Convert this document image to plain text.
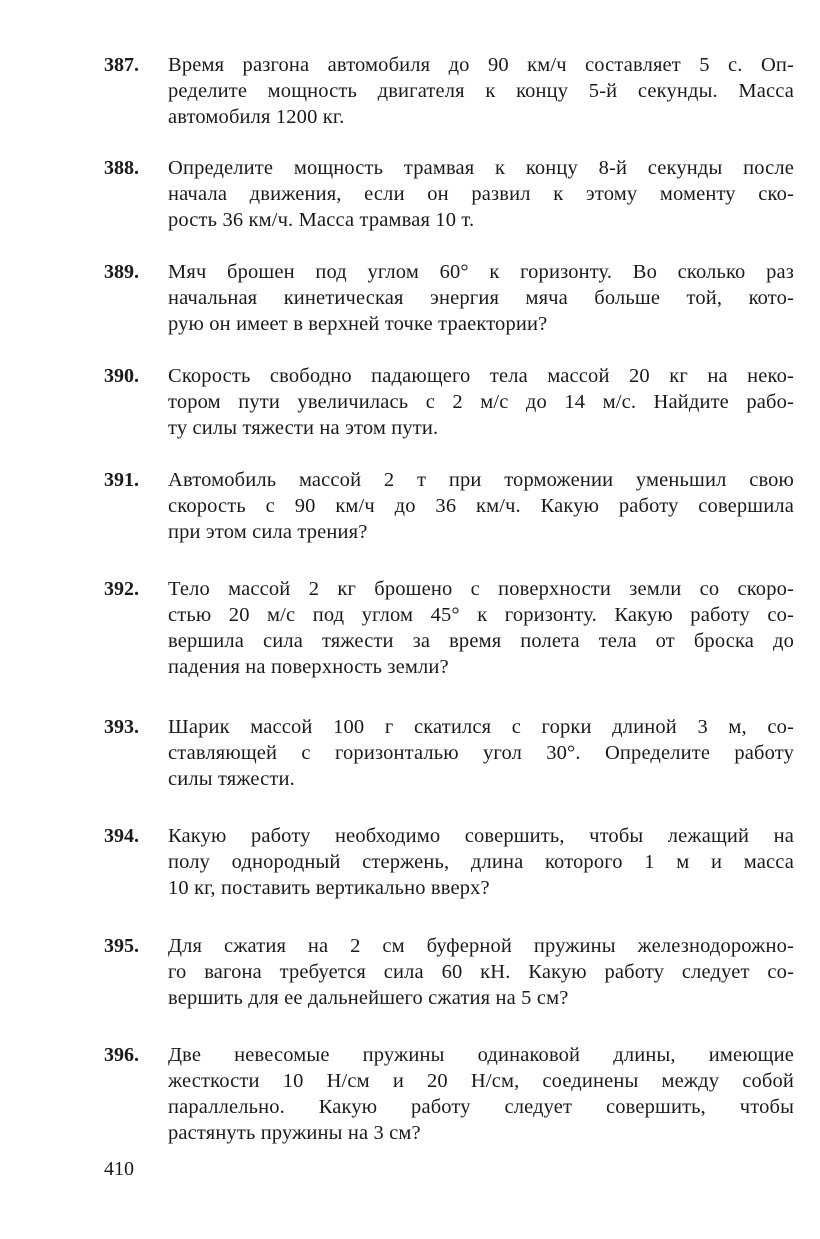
387. Время разгона автомобиля до 90 км/ч составляет 5 с. Оп-
ределите мощность двигателя к концу 5-й секунды. Масса
автомобиля 1200 кг.
388. Определите мощность трамвая к концу 8-й секунды после
начала движения, если он развил к этому моменту ско-
рость 36 км/ч. Масса трамвая 10 т.
389. Мяч брошен под углом 60° к горизонту. Во сколько раз
начальная кинетическая энергия мяча больше той, кото-
рую он имеет в верхней точке траектории?
390. Скорость свободно падающего тела массой 20 кг на неко-
тором пути увеличилась с 2 м/с до 14 м/с. Найдите рабо-
ту силы тяжести на этом пути.
391. Автомобиль массой 2 т при торможении уменьшил свою
скорость с 90 км/ч до 36 км/ч. Какую работу совершила
при этом сила трения?
392. Тело массой 2 кг брошено с поверхности земли со скоро-
стью 20 м/с под углом 45° к горизонту. Какую работу со-
вершила сила тяжести за время полета тела от броска до
падения на поверхность земли?
393. Шарик массой 100 г скатился с горки длиной 3 м, со-
ставляющей с горизонталью угол 30°. Определите работу
силы тяжести.
394. Какую работу необходимо совершить, чтобы лежащий на
полу однородный стержень, длина которого 1 м и масса
10 кг, поставить вертикально вверх?
395. Для сжатия на 2 см буферной пружины железнодорожно-
го вагона требуется сила 60 кН. Какую работу следует со-
вершить для ее дальнейшего сжатия на 5 см?
396. Две невесомые пружины одинаковой длины, имеющие
жесткости 10 Н/см и 20 Н/см, соединены между собой
параллельно. Какую работу следует совершить, чтобы
растянуть пружины на 3 см?
410
